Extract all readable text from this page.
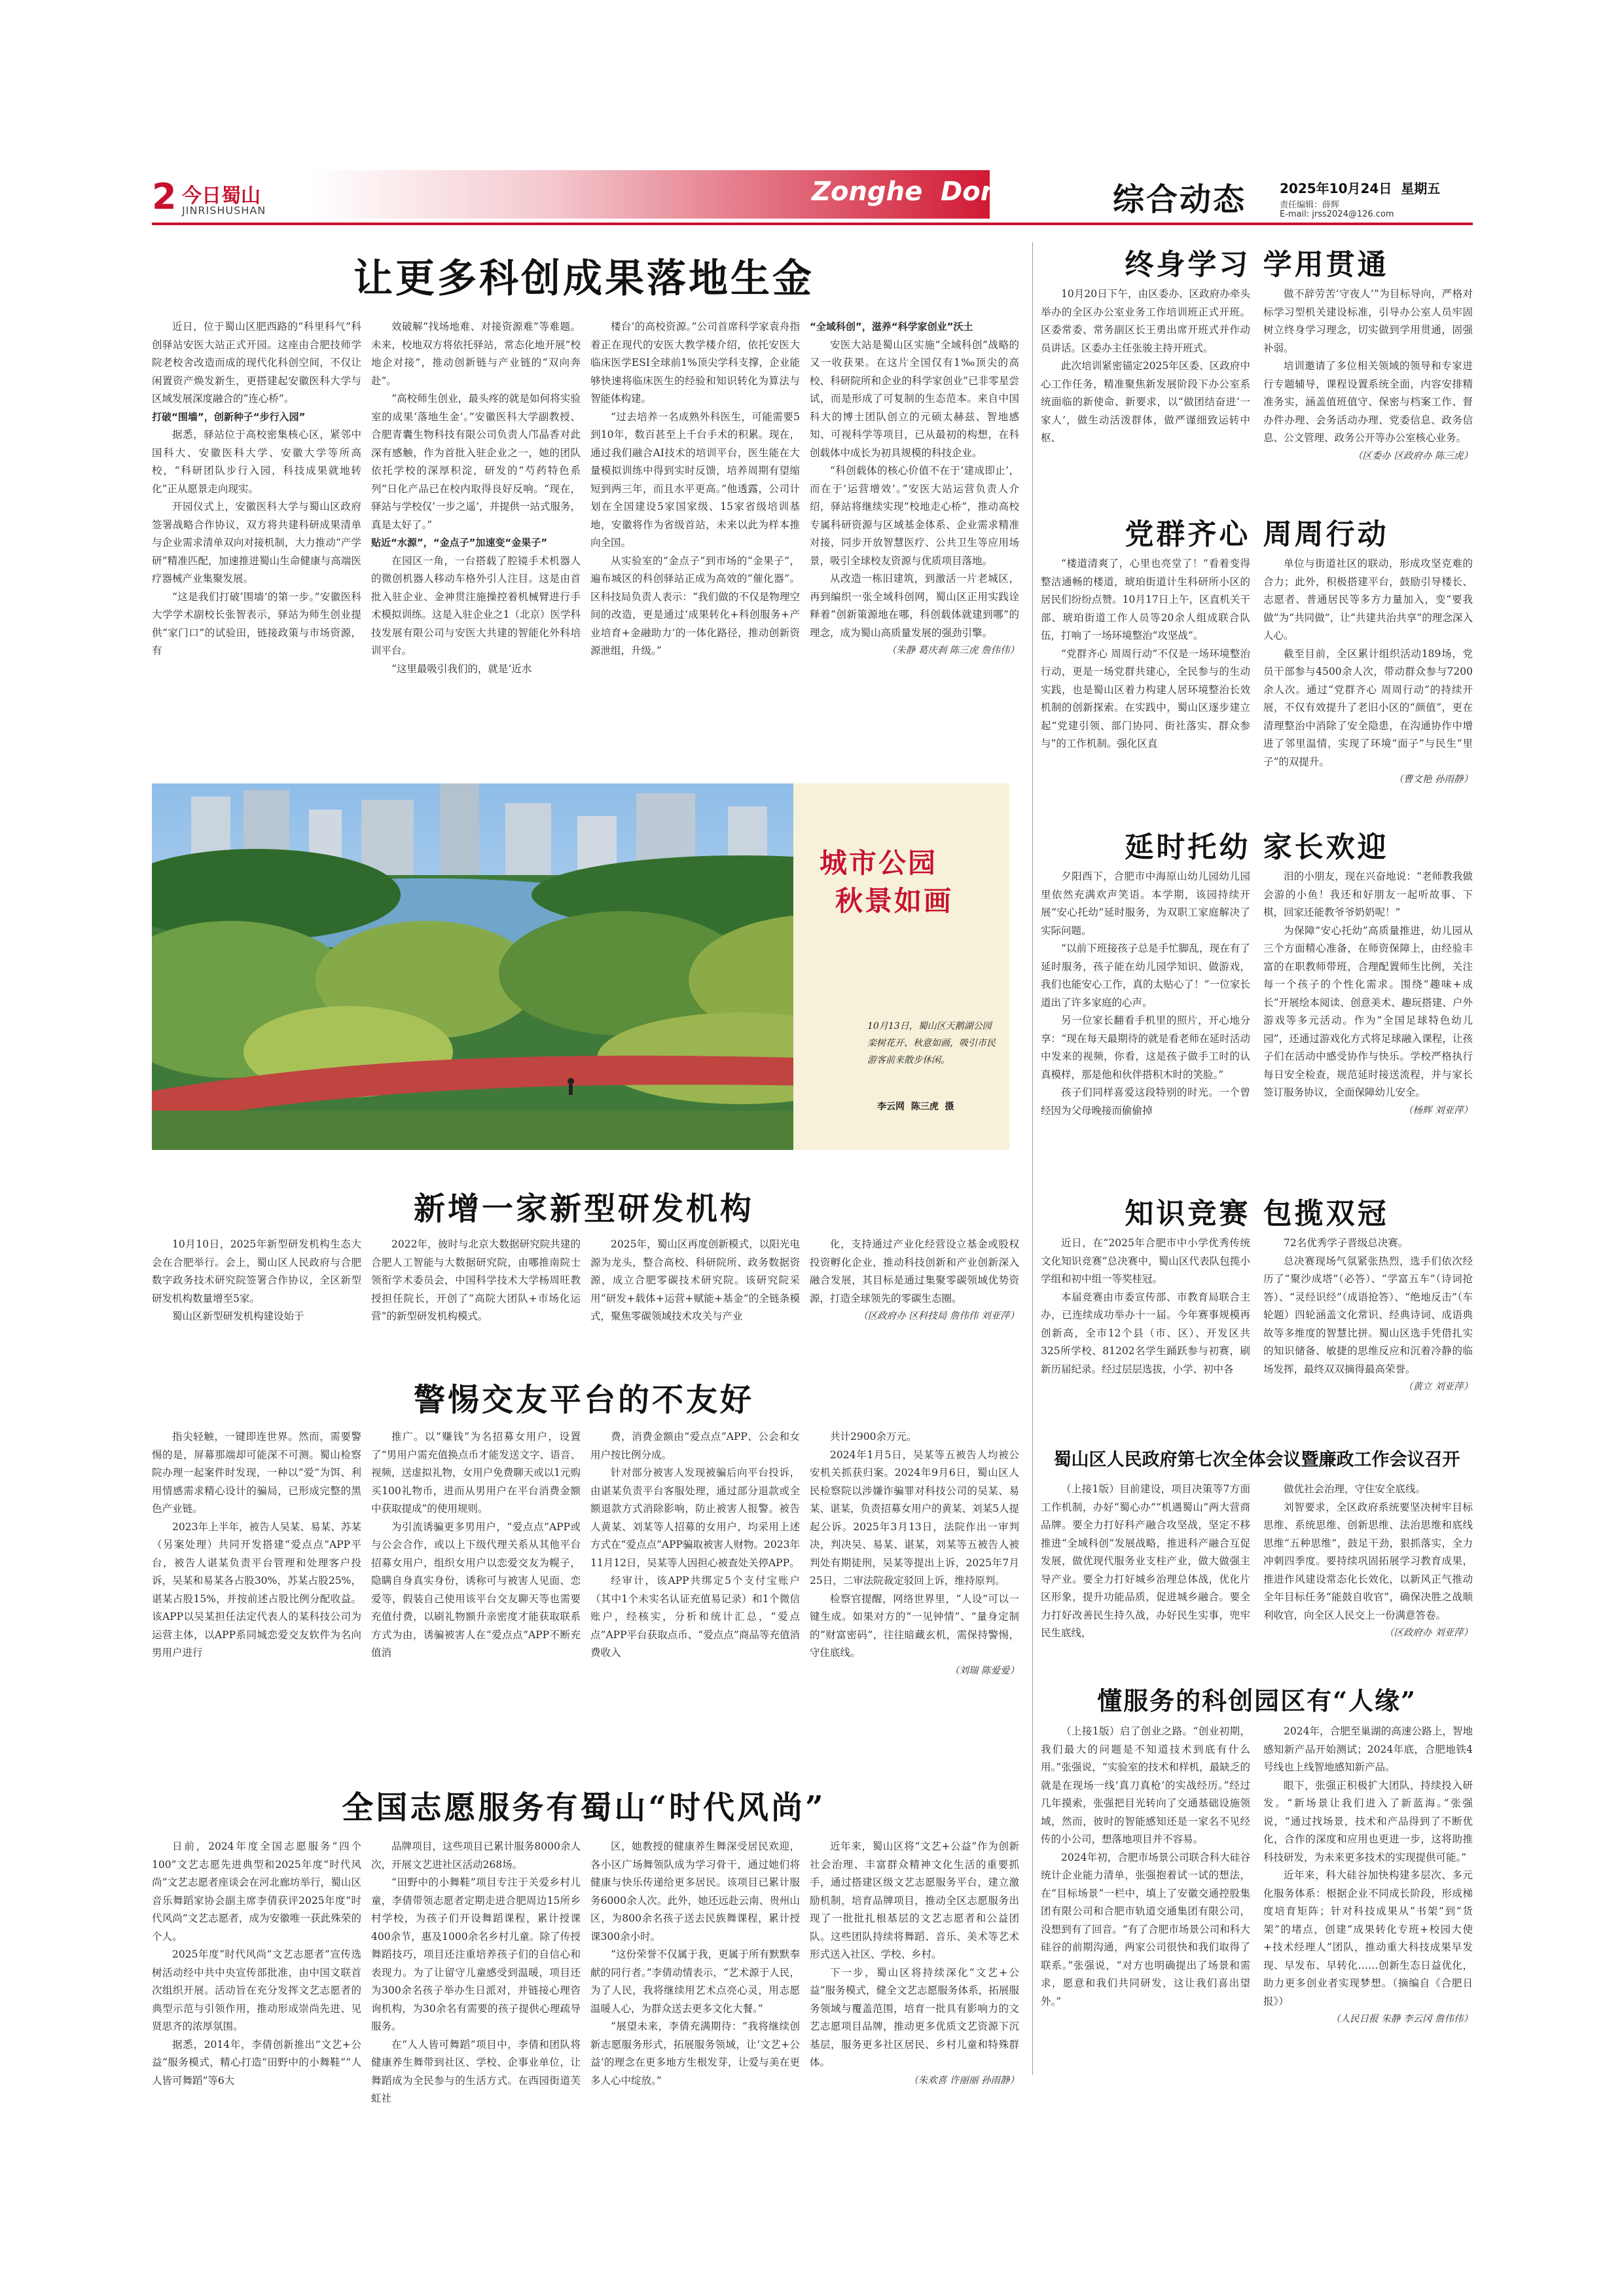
2 今日蜀山
JINRISHUSHAN
Zonghe  Dongtai 综合动态	2025年10月24日  星期五
责任编辑：薛辉
E-mail: jrss2024@126.com
让更多科创成果落地生金

近日，位于蜀山区肥西路的“科里科气”科创驿站安医大站正式开园。这座由合肥技师学院老校舍改造而成的现代化科创空间，不仅让闲置资产焕发新生，更搭建起安徽医科大学与区域发展深度融合的“连心桥”。

打破“围墙”，创新种子“步行入园”

据悉，驿站位于高校密集核心区，紧邻中国科大、安徽医科大学、安徽大学等所高校，“科研团队步行入园，科技成果就地转化”正从愿景走向现实。

开园仪式上，安徽医科大学与蜀山区政府签署战略合作协议，双方将共建科研成果清单与企业需求清单双向对接机制，大力推动“产学研”精准匹配，加速推进蜀山生命健康与高端医疗器械产业集聚发展。

“这是我们打破‘围墙’的第一步。”安徽医科大学学术副校长张智表示，驿站为师生创业提供“家门口”的试验田，链接政策与市场资源，有

效破解“找场地难、对接资源难”等难题。未来，校地双方将依托驿站，常态化地开展“校地企对接”，推动创新链与产业链的“双向奔赴”。

“高校师生创业，最头疼的就是如何将实验室的成果‘落地生金’。”安徽医科大学副教授、合肥青囊生物科技有限公司负责人邝晶香对此深有感触，作为首批入驻企业之一，她的团队依托学校的深厚积淀，研发的“芍药特色系列”日化产品已在校内取得良好反响。“现在，驿站与学校仅‘一步之遥’，并提供一站式服务，真是太好了。”

贴近“水源”，“金点子”加速变“金果子”

在园区一角，一台搭载了腔镜手术机器人的微创机器人移动车格外引人注目。这是由首批入驻企业、金神贯注施操控着机械臂进行手术模拟训练。这是入驻企业之1（北京）医学科技发展有限公司与安医大共建的智能化外科培训平台。

“这里最吸引我们的，就是‘近水

楼台’的高校资源。”公司首席科学家袁舟指着正在现代的安医大教学楼介绍，依托安医大临床医学ESI全球前1%顶尖学科支撑，企业能够快速将临床医生的经验和知识转化为算法与智能体构建。

“过去培养一名成熟外科医生，可能需要5到10年，数百甚至上千台手术的积累。现在，通过我们融合AI技术的培训平台，医生能在大量模拟训练中得到实时反馈，培养周期有望缩短到两三年，而且水平更高。”他透露，公司计划在全国建设5家国家级、15家省级培训基地，安徽将作为省级首站，未来以此为样本推向全国。

从实验室的“金点子”到市场的“金果子”，遍布城区的科创驿站正成为高效的“催化器”。区科技局负责人表示：“我们做的不仅是物理空间的改造，更是通过‘成果转化+科创服务+产业培育+金融助力’的一体化路径，推动创新资源泄组，升级。”

“全域科创”，滋养“科学家创业”沃土

安医大站是蜀山区实施“全域科创”战略的又一收获果。在这片全国仅有1‰顶尖的高校、科研院所和企业的科学家创业”已非零星尝试，而是形成了可复制的生态范本。来自中国科大的博士团队创立的元硕太赫兹、智地感知、可视科学等项目，已从最初的构想，在科创载体中成长为初具规模的科技企业。

“科创载体的核心价值不在于‘建成即止’，而在于‘运营增效’。”安医大站运营负责人介绍，驿站将继续实现“校地走心桥”，推动高校专属科研资源与区域基金体系、企业需求精准对接，同步开放智慧医疗、公共卫生等应用场景，吸引全球校友资源与优质项目落地。

从改造一栋旧建筑，到激活一片老城区，再到编织一张全域科创网，蜀山区正用实践诠释着“创新策源地在哪，科创载体就建到哪”的理念，成为蜀山高质量发展的强劲引擎。

（朱静 葛庆刹 陈三虎 詹伟伟）

城市公园
秋景如画
10月13日，蜀山区天鹅湖公园栾树花开、秋意如画，吸引市民游客前来散步休闲。
李云网  陈三虎  摄
新增一家新型研发机构

10月10日，2025年新型研发机构生态大会在合肥举行。会上，蜀山区人民政府与合肥数字政务技术研究院签署合作协议，全区新型研发机构数量增至5家。

蜀山区新型研发机构建设始于

2022年，彼时与北京大数据研究院共建的合肥人工智能与大数据研究院，由哪推南院士领衔学术委员会，中国科学技术大学杨周旺教授担任院长，开创了“高院大团队+市场化运营”的新型研发机构模式。

2025年，蜀山区再度创新模式，以阳光电源为龙头，整合高校、科研院所、政务数据资源，成立合肥零碳技术研究院。该研究院采用“研发+载体+运营+赋能+基金”的全链条模式，聚焦零碳领域技术攻关与产业

化，支持通过产业化经营设立基金或股权投资孵化企业，推动科技创新和产业创新深入融合发展，其目标是通过集聚零碳领域优势资源，打造全球领先的零碳生态圈。

（区政府办 区科技局 詹伟伟 刘亚萍）

警惕交友平台的不友好

指尖轻触，一键即连世界。然而，需要警惕的是，屏幕那端却可能深不可测。蜀山检察院办理一起案件时发现，一种以“爱”为饵、利用情感需求精心设计的骗局，已形成完整的黑色产业链。

2023年上半年，被告人吴某、易某、苏某（另案处理）共同开发搭建“爱点点”APP平台，被告人谌某负责平台管理和处理客户投诉，吴某和易某各占股30%，苏某占股25%，谌某占股15%，并按前述占股比例分配收益。该APP以吴某担任法定代表人的某科技公司为运营主体，以APP系同城恋爱交友软件为名向男用户进行

推广。以“赚钱”为名招募女用户，设置了“男用户需充值换点币才能发送文字、语音、视频，送虚拟礼物，女用户免费聊天或以1元购买100礼物币，进而从男用户在平台消费金额中获取提成”的使用规则。

为引流诱骗更多男用户，“爱点点”APP或与公会合作，或以上下级代理关系从其他平台招募女用户，组织女用户以恋爱交友为幌子，隐瞒自身真实身份，诱称可与被害人见面、恋爱等，假装自己使用该平台交友聊天等也需要充值付费，以刷礼物额升亲密度才能获取联系方式为由，诱骗被害人在“爱点点”APP不断充值消

费，消费金额由“爱点点”APP、公会和女用户按比例分成。

针对部分被害人发现被骗后向平台投诉，由谌某负责平台客服处理，通过部分退款或全额退款方式消除影响，防止被害人报警。被告人黄某、刘某等人招募的女用户，均采用上述方式在“爱点点”APP骗取被害人财物。2023年11月12日，吴某等人因担心被查处关停APP。

经审计，该APP共绑定5个支付宝账户（其中1个未实名认证充值易记录）和1个微信账户，经核实，分析和统计汇总，“爱点点”APP平台获取点币、“爱点点”商品等充值消费收入

共计2900余万元。

2024年1月5日，吴某等五被告人均被公安机关抓获归案。2024年9月6日，蜀山区人民检察院以涉嫌诈骗罪对科技公司的吴某、易某、谌某，负责招募女用户的黄某、刘某5人提起公诉。2025年3月13日，法院作出一审判决，判决吴、易某、谌某，刘某等五被告人被判处有期徒刑，吴某等提出上诉，2025年7月25日，二审法院裁定驳回上诉，维持原判。

检察官提醒，网络世界里，“人设”可以一键生成。如果对方的“一见钟情”、“量身定制的”财富密码”，往往暗藏玄机，需保持警惕，守住底线。

（刘瑞 陈爱爱）

全国志愿服务有蜀山“时代风尚”

日前，2024年度全国志愿服务“四个100”文艺志愿先进典型和2025年度“时代风尚”文艺志愿者座谈会在河北廊坊举行，蜀山区音乐舞蹈家协会副主席李倩获评2025年度“时代风尚”文艺志愿者，成为安徽唯一获此殊荣的个人。

2025年度“时代风尚”文艺志愿者”宣传选树活动经中共中央宣传部批准，由中国文联首次组织开展。活动旨在充分发挥文艺志愿者的典型示范与引领作用，推动形成崇尚先进、见贤思齐的浓厚氛围。

据悉，2014年，李倩创新推出“文艺+公益”服务模式，精心打造“田野中的小舞鞋”“人人皆可舞蹈”等6大

品牌项目，这些项目已累计服务8000余人次，开展文艺进社区活动268场。

“田野中的小舞鞋”项目专注于关爱乡村儿童，李倩带领志愿者定期走进合肥周边15所乡村学校，为孩子们开设舞蹈课程，累计授课400余节，惠及1000余名乡村儿童。除了传授舞蹈技巧，项目还注重培养孩子们的自信心和表现力。为了让留守儿童感受到温暖，项目还为300余名孩子举办生日派对，并链接心理咨询机构，为30余名有需要的孩子提供心理疏导服务。

在“人人皆可舞蹈”项目中，李倩和团队将健康养生舞带到社区、学校、企事业单位，让舞蹈成为全民参与的生活方式。在西园街道芙虹社

区，她教授的健康养生舞深受居民欢迎，各小区广场舞领队成为学习骨干，通过她们将健康与快乐传递给更多居民。该项目已累计服务6000余人次。此外，她还远赴云南、贵州山区，为800余名孩子送去民族舞课程，累计授课300余小时。

“这份荣誉不仅属于我，更属于所有默默奉献的同行者。”李倩动情表示，“艺术源于人民，为了人民，我将继续用艺术点亮心灵，用志愿温暖人心，为群众送去更多文化大餐。”

“展望未来，李倩充满期待：“我将继续创新志愿服务形式，拓展服务领域，让‘文艺+公益’的理念在更多地方生根发芽，让爱与美在更多人心中绽放。”

近年来，蜀山区将“文艺+公益”作为创新社会治理、丰富群众精神文化生活的重要抓手，通过搭建区级文艺志愿服务平台，建立激励机制，培育品牌项目，推动全区志愿服务出现了一批批扎根基层的文艺志愿者和公益团队。这些团队持续将舞蹈、音乐、美术等艺术形式送入社区、学校、乡村。

下一步，蜀山区将持续深化“文艺+公益”服务模式，健全文艺志愿服务体系，拓展服务领域与覆盖范围，培育一批具有影响力的文艺志愿项目品牌，推动更多优质文艺资源下沉基层，服务更多社区居民、乡村儿童和特殊群体。

（朱欢喜 许丽丽 孙雨静）

终身学习 学用贯通

10月20日下午，由区委办、区政府办牵头举办的全区办公室业务工作培训班正式开班。区委常委、常务副区长王勇出席开班式并作动员讲话。区委办主任张骏主持开班式。

此次培训紧密锚定2025年区委、区政府中心工作任务，精准聚焦新发展阶段下办公室系统面临的新使命、新要求，以“做团结奋进‘一家人’，做生动活泼群体，做严谨细致运转中枢、

做不辞劳苦‘守夜人’”为目标导向，严格对标学习型机关建设标准，引导办公室人员牢固树立终身学习理念，切实做到学用贯通，固强补弱。

培训邀请了多位相关领域的领导和专家进行专题辅导，课程设置系统全面，内容安排精准务实，涵盖值班值守、保密与档案工作、督办件办理、会务活动办理、党委信息、政务信息、公文管理、政务公开等办公室核心业务。

（区委办 区政府办 陈三虎）

党群齐心 周周行动

“楼道清爽了，心里也亮堂了！”看着变得整洁通畅的楼道，琥珀街道计生科研所小区的居民们纷纷点赞。10月17日上午，区直机关干部、琥珀街道工作人员等20余人组成联合队伍，打响了一场环境整治“攻坚战”。

“党群齐心 周周行动”不仅是一场环境整治行动，更是一场党群共建心，全民参与的生动实践，也是蜀山区着力构建人居环境整治长效机制的创新探索。在实践中，蜀山区逐步建立起“党建引领、部门协同、街社落实、群众参与”的工作机制。强化区直

单位与街道社区的联动，形成攻坚克难的合力；此外，积极搭建平台，鼓励引导楼长、志愿者、普通居民等多方力量加入，变“要我做”为“共同做”，让“共建共治共享”的理念深入人心。

截至目前，全区累计组织活动189场，党员干部参与4500余人次，带动群众参与7200余人次。通过“党群齐心 周周行动”的持续开展，不仅有效提升了老旧小区的“颜值”，更在清理整治中消除了安全隐患，在沟通协作中增进了邻里温情，实现了环境“面子”与民生“里子”的双提升。

（曹文艳 孙雨静）

延时托幼 家长欢迎

夕阳西下，合肥市中海原山幼儿园幼儿园里依然充满欢声笑语。本学期，该园持续开展“安心托幼”延时服务，为双职工家庭解决了实际问题。

“以前下班接孩子总是手忙脚乱，现在有了延时服务，孩子能在幼儿园学知识、做游戏，我们也能安心工作，真的太贴心了！”一位家长道出了许多家庭的心声。

另一位家长翻看手机里的照片，开心地分享：“现在每天最期待的就是看老师在延时活动中发来的视频，你看，这是孩子做手工时的认真模样，那是他和伙伴搭积木时的笑脸。”

孩子们同样喜爱这段特别的时光。一个曾经因为父母晚接而偷偷掉

泪的小朋友，现在兴奋地说：“老师教我做会游的小鱼！我还和好朋友一起听故事、下棋，回家还能教爷爷奶奶呢！”

为保障“安心托幼”高质量推进，幼儿园从三个方面精心准备，在师资保障上，由经验丰富的在职教师带班，合理配置师生比例，关注每一个孩子的个性化需求。围绕“趣味+成长”开展绘本阅读、创意美术、趣玩搭建、户外游戏等多元活动。作为“全国足球特色幼儿园”，还通过游戏化方式将足球融入课程，让孩子们在活动中感受协作与快乐。学校严格执行每日安全检查，规范延时接送流程，并与家长签订服务协议，全面保障幼儿安全。

（杨辉 刘亚萍）

知识竞赛 包揽双冠

近日，在“2025年合肥市中小学优秀传统文化知识竞赛”总决赛中，蜀山区代表队包揽小学组和初中组一等奖桂冠。

本届竞赛由市委宣传部、市教育局联合主办，已连续成功举办十一届。今年赛事规模再创新高，全市12个县（市、区）、开发区共325所学校、81202名学生踊跃参与初赛，刷新历届纪录。经过层层选拔，小学、初中各

72名优秀学子晋级总决赛。

总决赛现场气氛紧张热烈，选手们依次经历了“聚沙成塔”（必答）、“学富五车”（诗词抢答）、“灵经识经”（成语抢答）、“绝地反击”（车轮题）四轮涵盖文化常识、经典诗词、成语典故等多维度的智慧比拼。蜀山区选手凭借扎实的知识储备、敏捷的思维反应和沉着冷静的临场发挥，最终双双摘得最高荣誉。

（黄立 刘亚萍）

蜀山区人民政府第七次全体会议暨廉政工作会议召开

（上接1版）目前建设，项目决策等7方面工作机制，办好“蜀心办”“机遇蜀山”两大营商品牌。要全力打好科产融合攻坚战，坚定不移推进“全域科创”发展战略，推进科产融合互促发展，做优现代服务业支柱产业，做大做强主导产业。要全力打好城乡治理总体战，优化片区形象，提升功能品质，促进城乡融合。要全力打好改善民生持久战，办好民生实事，兜牢民生底线，

做优社会治理，守住安全底线。

刘智要求，全区政府系统要坚决树牢目标思维、系统思维、创新思维、法治思维和底线思维“五种思维”，鼓足干劲，狠抓落实，全力冲刺四季度。要持续巩固拓展学习教育成果，推进作风建设常态化长效化，以新风正气推动全年目标任务“能鼓自收官”，确保决胜之战顺利收官，向全区人民交上一份满意答卷。

（区政府办 刘亚萍）

懂服务的科创园区有“人缘”

（上接1版）启了创业之路。“创业初期，我们最大的问题是不知道技术到底有什么用。”张强说，“实验室的技术和样机，最缺乏的就是在现场一线‘真刀真枪’的实战经历。”经过几年摸索，张强把目光转向了交通基础设施领域，然而，彼时的智能感知还是一家名不见经传的小公司，想落地项目并不容易。

2024年初，合肥市场景公司联合科大硅谷统计企业能力清单，张强抱着试一试的想法，在“目标场景”一栏中，填上了安徽交通控股集团有限公司和合肥市轨道交通集团有限公司，没想到有了回音。“有了合肥市场景公司和科大硅谷的前期沟通，两家公司很快和我们取得了联系。”张强说，“对方也明确提出了场景和需求，愿意和我们共同研发，这让我们喜出望外。”

2024年，合肥至巢湖的高速公路上，智地感知新产品开始测试；2024年底，合肥地铁4号线也上线智地感知新产品。

眼下，张强正积极扩大团队，持续投入研发。“新场景让我们进入了新蓝海。”张强说，“通过找场景，技术和产品得到了不断优化，合作的深度和应用也更进一步，这将助推科技研发，为未来更多技术的实现提供可能。”

近年来，科大硅谷加快构建多层次、多元化服务体系：根据企业不同成长阶段，形成梯度培育矩阵；针对科技成果从“书架”到“货架”的堵点，创建“成果转化专班+校园大使+技术经理人”团队，推动重大科技成果早发现、早发布、早转化……创新生态日益优化，助力更多创业者实现梦想。（摘编自《合肥日报》）

（人民日报 朱静 李云冈 詹伟伟）
